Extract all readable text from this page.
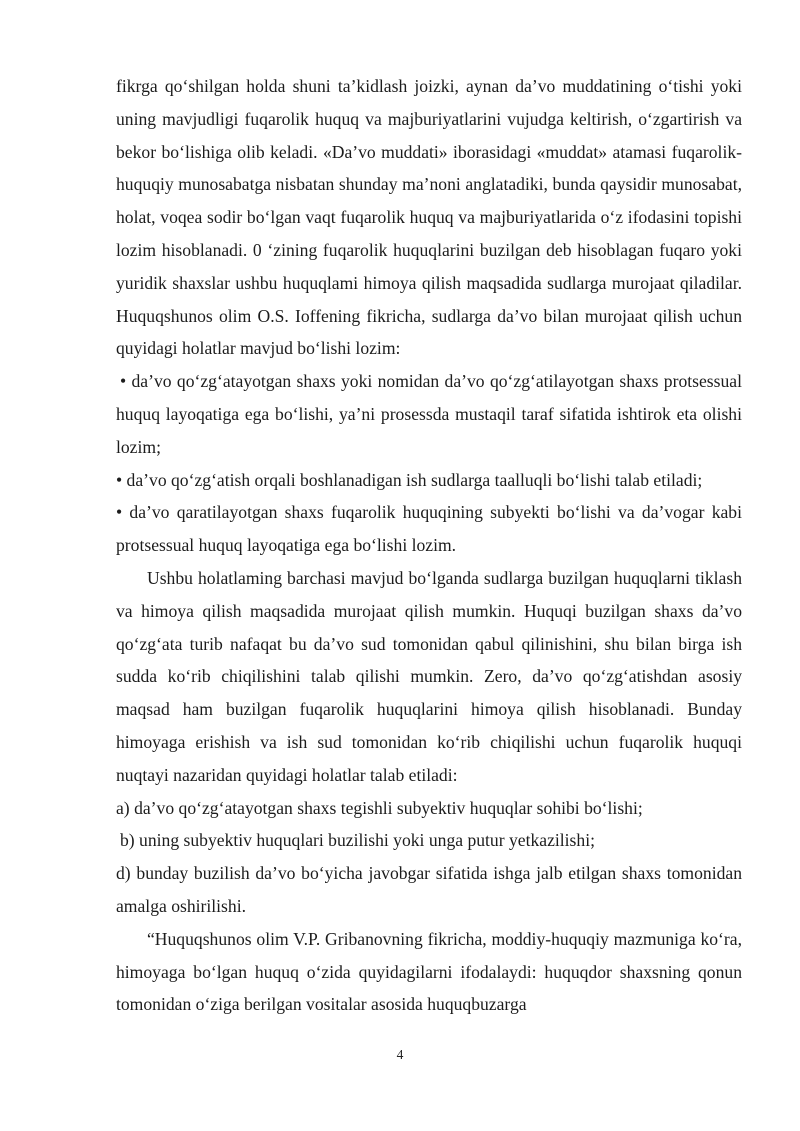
fikrga qo‘shilgan holda shuni ta’kidlash joizki, aynan da’vo muddatining o‘tishi yoki uning mavjudligi fuqarolik huquq va majburiyatlarini vujudga keltirish, o‘zgartirish va bekor bo‘lishiga olib keladi. «Da’vo muddati» iborasidagi «muddat» atamasi fuqarolik-huquqiy munosabatga nisbatan shunday ma’noni anglatadiki, bunda qaysidir munosabat, holat, voqea sodir bo‘lgan vaqt fuqarolik huquq va majburiyatlarida o‘z ifodasini topishi lozim hisoblanadi. 0 ‘zining fuqarolik huquqlarini buzilgan deb hisoblagan fuqaro yoki yuridik shaxslar ushbu huquqlami himoya qilish maqsadida sudlarga murojaat qiladilar. Huquqshunos olim O.S. Ioffening fikricha, sudlarga da’vo bilan murojaat qilish uchun quyidagi holatlar mavjud bo‘lishi lozim:

• da’vo qo‘zg‘atayotgan shaxs yoki nomidan da’vo qo‘zg‘atilayotgan shaxs protsessual huquq layoqatiga ega bo‘lishi, ya’ni prosessda mustaqil taraf sifatida ishtirok eta olishi lozim;

• da’vo qo‘zg‘atish orqali boshlanadigan ish sudlarga taalluqli bo‘lishi talab etiladi;

• da’vo qaratilayotgan shaxs fuqarolik huquqining subyekti bo‘lishi va da’vogar kabi protsessual huquq layoqatiga ega bo‘lishi lozim.

Ushbu holatlaming barchasi mavjud bo‘lganda sudlarga buzilgan huquqlarni tiklash va himoya qilish maqsadida murojaat qilish mumkin. Huquqi buzilgan shaxs da’vo qo‘zg‘ata turib nafaqat bu da’vo sud tomonidan qabul qilinishini, shu bilan birga ish sudda ko‘rib chiqilishini talab qilishi mumkin. Zero, da’vo qo‘zg‘atishdan asosiy maqsad ham buzilgan fuqarolik huquqlarini himoya qilish hisoblanadi. Bunday himoyaga erishish va ish sud tomonidan ko‘rib chiqilishi uchun fuqarolik huquqi nuqtayi nazaridan quyidagi holatlar talab etiladi:

a) da’vo qo‘zg‘atayotgan shaxs tegishli subyektiv huquqlar sohibi bo‘lishi;

b) uning subyektiv huquqlari buzilishi yoki unga putur yetkazilishi;

d) bunday buzilish da’vo bo‘yicha javobgar sifatida ishga jalb etilgan shaxs tomonidan amalga oshirilishi.

“Huquqshunos olim V.P. Gribanovning fikricha, moddiy-huquqiy mazmuniga ko‘ra, himoyaga bo‘lgan huquq o‘zida quyidagilarni ifodalaydi: huquqdor shaxsning qonun tomonidan o‘ziga berilgan vositalar asosida huquqbuzarga

4
